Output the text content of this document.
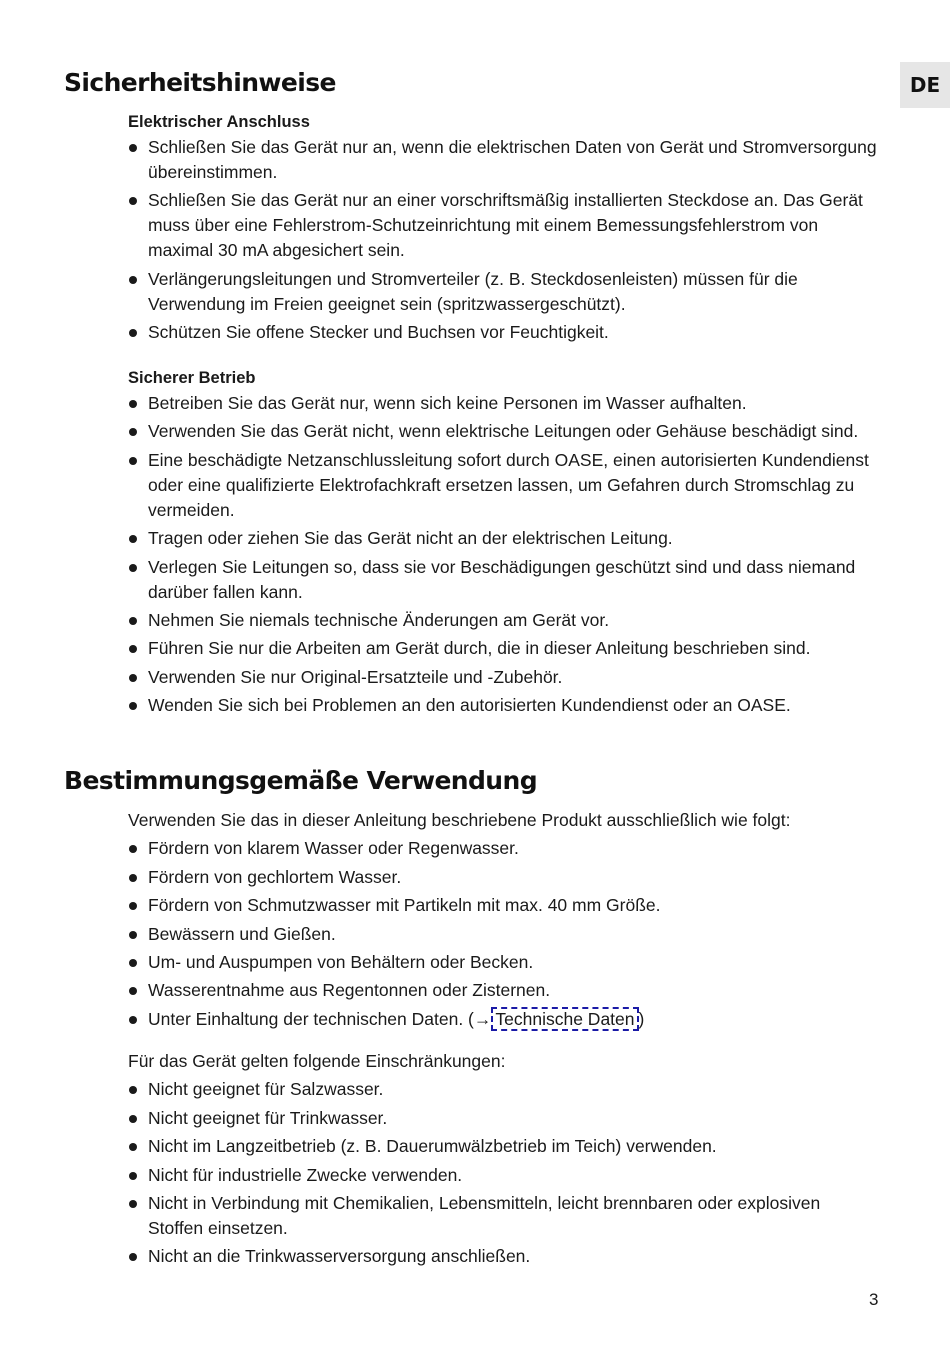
DE
Sicherheitshinweise

Elektrischer Anschluss

Schließen Sie das Gerät nur an, wenn die elektrischen Daten von Gerät und Stromversorgung übereinstimmen.
Schließen Sie das Gerät nur an einer vorschriftsmäßig installierten Steckdose an. Das Gerät muss über eine Fehlerstrom-Schutzeinrichtung mit einem Bemessungsfehlerstrom von maximal 30 mA abgesichert sein.
Verlängerungsleitungen und Stromverteiler (z. B. Steckdosenleisten) müssen für die Verwendung im Freien geeignet sein (spritzwassergeschützt).
Schützen Sie offene Stecker und Buchsen vor Feuchtigkeit.

Sicherer Betrieb

Betreiben Sie das Gerät nur, wenn sich keine Personen im Wasser aufhalten.
Verwenden Sie das Gerät nicht, wenn elektrische Leitungen oder Gehäuse beschädigt sind.
Eine beschädigte Netzanschlussleitung sofort durch OASE, einen autorisierten Kundendienst oder eine qualifizierte Elektrofachkraft ersetzen lassen, um Gefahren durch Stromschlag zu vermeiden.
Tragen oder ziehen Sie das Gerät nicht an der elektrischen Leitung.
Verlegen Sie Leitungen so, dass sie vor Beschädigungen geschützt sind und dass niemand darüber fallen kann.
Nehmen Sie niemals technische Änderungen am Gerät vor.
Führen Sie nur die Arbeiten am Gerät durch, die in dieser Anleitung beschrieben sind.
Verwenden Sie nur Original-Ersatzteile und -Zubehör.
Wenden Sie sich bei Problemen an den autorisierten Kundendienst oder an OASE.
Bestimmungsgemäße Verwendung

Verwenden Sie das in dieser Anleitung beschriebene Produkt ausschließlich wie folgt:

Fördern von klarem Wasser oder Regenwasser.
Fördern von gechlortem Wasser.
Fördern von Schmutzwasser mit Partikeln mit max. 40 mm Größe.
Bewässern und Gießen.
Um- und Auspumpen von Behältern oder Becken.
Wasserentnahme aus Regentonnen oder Zisternen.
Unter Einhaltung der technischen Daten. (→ Technische Daten )

Für das Gerät gelten folgende Einschränkungen:

Nicht geeignet für Salzwasser.
Nicht geeignet für Trinkwasser.
Nicht im Langzeitbetrieb (z. B. Dauerumwälzbetrieb im Teich) verwenden.
Nicht für industrielle Zwecke verwenden.
Nicht in Verbindung mit Chemikalien, Lebensmitteln, leicht brennbaren oder explosiven Stoffen einsetzen.
Nicht an die Trinkwasserversorgung anschließen.
3
